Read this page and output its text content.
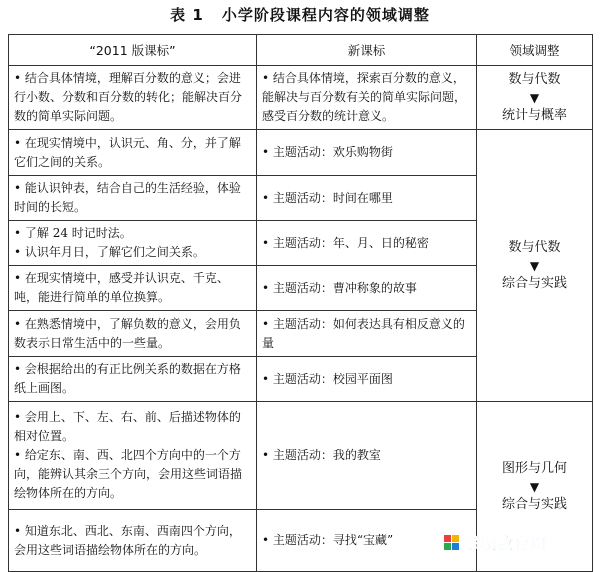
表 1 小学阶段课程内容的领域调整
“2011 版课标”	新课标	领域调整
• 结合具体情境，理解百分数的意义；会进行小数、分数和百分数的转化；能解决百分数的简单实际问题。	• 结合具体情境，探索百分数的意义，能解决与百分数有关的简单实际问题，感受百分数的统计意义。	数与代数
▼
统计与概率

• 在现实情境中，认识元、角、分，并了解它们之间的关系。	• 主题活动：欢乐购物街	数与代数
▼
综合与实践

• 能认识钟表，结合自己的生活经验，体验时间的长短。	• 主题活动：时间在哪里	
• 了解 24 时记时法。
• 认识年月日，了解它们之间关系。	• 主题活动：年、月、日的秘密	
• 在现实情境中，感受并认识克、千克、吨，能进行简单的单位换算。	• 主题活动：曹冲称象的故事	
• 在熟悉情境中，了解负数的意义，会用负数表示日常生活中的一些量。	• 主题活动：如何表达具有相反意义的量	
• 会根据给出的有正比例关系的数据在方格纸上画图。	• 主题活动：校园平面图	
• 会用上、下、左、右、前、后描述物体的相对位置。
• 给定东、南、西、北四个方向中的一个方向，能辨认其余三个方向，会用这些词语描绘物体所在的方向。	• 主题活动：我的教室	图形与几何
▼
综合与实践

• 知道东北、西北、东南、西南四个方向，会用这些词语描绘物体所在的方向。	• 主题活动：寻找“宝藏”		鄂城教育网
